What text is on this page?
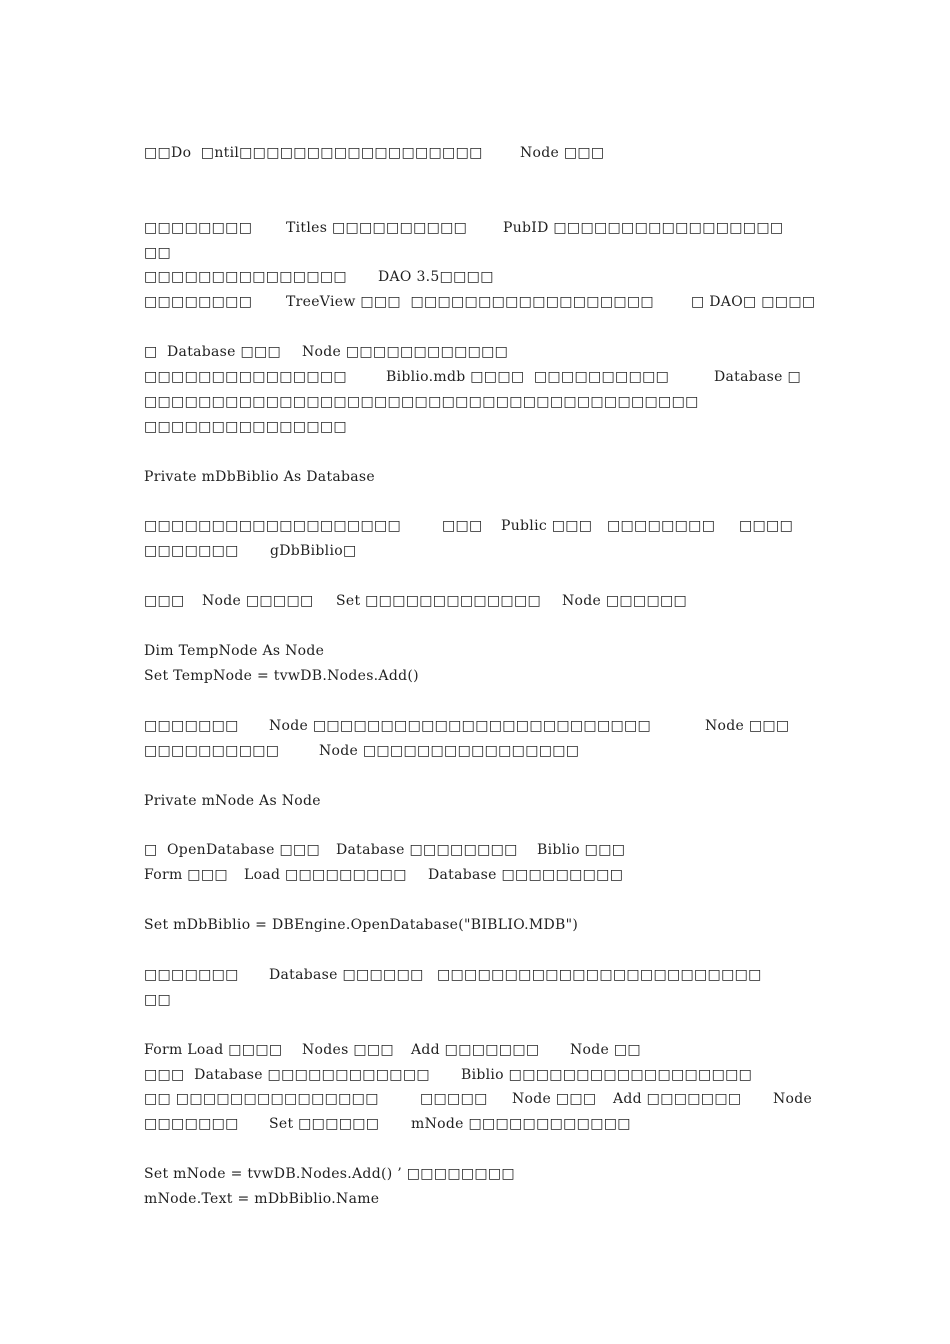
□□Do  □ntil□□□□□□□□□□□□□□□□□□	Node □□□
□□□□□□□□ Titles □□□□□□□□□□	PubID □□□□□□□□□□□□□□□□□
□□
□□□□□□□□□□□□□□□ DAO 3.5□□□□
□□□□□□□□ TreeView □□□  □□□□□□□□□□□□□□□□□□	□ DAO□ □□□□
□  Database □□□ Node □□□□□□□□□□□□
□□□□□□□□□□□□□□□	Biblio.mdb □□□□  □□□□□□□□□□	Database □
□□□□□□□□□□□□□□□□□□□□□□□□□□□□□□□□□□□□□□□□□
□□□□□□□□□□□□□□□
Private mDbBiblio As Database
□□□□□□□□□□□□□□□□□□□	□□□ Public □□□ □□□□□□□□ □□□□
□□□□□□□ gDbBiblio□
□□□ Node □□□□□ Set □□□□□□□□□□□□□ Node □□□□□□
Dim TempNode As Node
Set TempNode = tvwDB.Nodes.Add()
□□□□□□□ Node □□□□□□□□□□□□□□□□□□□□□□□□□	Node □□□
□□□□□□□□□□	Node □□□□□□□□□□□□□□□□
Private mNode As Node
□  OpenDatabase □□□ Database □□□□□□□□ Biblio □□□
Form □□□ Load □□□□□□□□□ Database □□□□□□□□□
Set mDbBiblio = DBEngine.OpenDatabase("BIBLIO.MDB")
□□□□□□□ Database □□□□□□ □□□□□□□□□□□□□□□□□□□□□□□□
□□
Form Load □□□□ Nodes □□□ Add □□□□□□□ Node □□
□□□  Database □□□□□□□□□□□□ Biblio □□□□□□□□□□□□□□□□□□
□□ □□□□□□□□□□□□□□□	□□□□□ Node □□□ Add □□□□□□□ Node
□□□□□□□ Set □□□□□□ mNode □□□□□□□□□□□□
Set mNode = tvwDB.Nodes.Add() ’ □□□□□□□□
mNode.Text = mDbBiblio.Name
